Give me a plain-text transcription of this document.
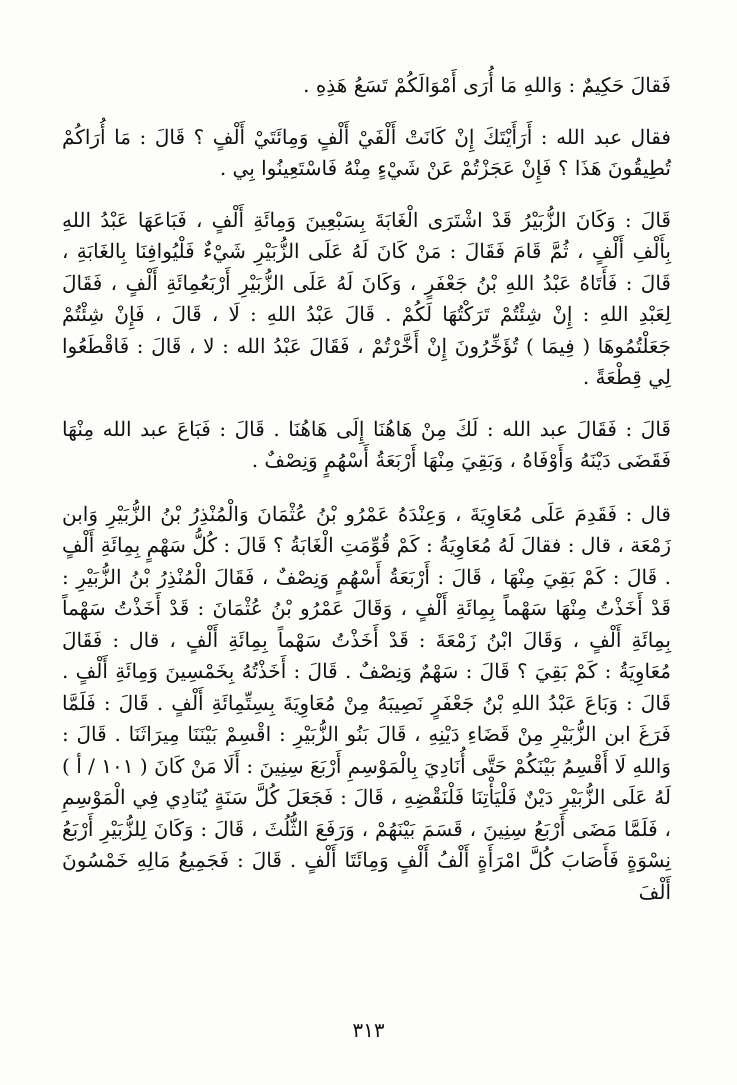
فَقالَ حَكِيمٌ : وَاللهِ مَا أُرَى أَمْوَالَكُمْ تَسَعُ هَذِهِ .

فقال عبد الله : أَرَأَيْتَكَ إِنْ كَانَتْ أَلْفَيْ أَلْفٍ وَمِائَتَيْ أَلْفٍ ؟ قَالَ : مَا أُرَاكُمْ تُطِيقُونَ هَذَا ؟ فَإِنْ عَجَزْتُمْ عَنْ شَيْءٍ مِنْهُ فَاسْتَعِينُوا بِي .

قَالَ : وَكَانَ الزُّبَيْرُ قَدْ اشْتَرَى الْغَابَةَ بِسَبْعِينَ وَمِائَةِ أَلْفٍ ، فَبَاعَهَا عَبْدُ اللهِ بِأَلْفِ أَلْفٍ ، ثُمَّ قَامَ فَقَالَ : مَنْ كَانَ لَهُ عَلَى الزُّبَيْرِ شَيْءٌ فَلْيُوافِنَا بِالغَابَةِ ، قَالَ : فَأَتَاهُ عَبْدُ اللهِ بْنُ جَعْفَرٍ ، وَكَانَ لَهُ عَلَى الزُّبَيْرِ أَرْبَعُمِائَةِ أَلْفٍ ، فَقَالَ لِعَبْدِ اللهِ : إِنْ شِئْتُمْ تَرَكْتُهَا لَكُمْ . قَالَ عَبْدُ اللهِ : لَا ، قَالَ ، فَإِنْ شِئْتُمْ جَعَلْتُمُوهَا ( فِيمَا ) تُؤَخِّرُونَ إِنْ أَخَّرْتُمْ ، فَقَالَ عَبْدُ الله : لا ، قَالَ : فَاقْطَعُوا لِي قِطْعَةً .

قَالَ : فَقَالَ عبد الله : لَكَ مِنْ هَاهُنَا إِلَى هَاهُنَا . قَالَ : فَبَاعَ عبد الله مِنْهَا فَقَضَى دَيْنَهُ وَأَوْفَاهُ ، وَبَقِيَ مِنْهَا أَرْبَعَةُ أَسْهُمٍ وَنِصْفٌ .

قال : فَقَدِمَ عَلَى مُعَاوِيَةَ ، وَعِنْدَهُ عَمْرُو بْنُ عُثْمَانَ وَالْمُنْذِرُ بْنُ الزُّبَيْرِ وَابن زَمْعَة ، قال : فقالَ لَهُ مُعَاوِيَةُ : كَمْ قُوِّمَتِ الْغَابَةُ ؟ قَالَ : كُلُّ سَهْمٍ بِمِائَةِ أَلْفٍ . قَالَ : كَمْ بَقِيَ مِنْهَا ، قَالَ : أَرْبَعَةُ أَسْهُمٍ وَنِصْفٌ ، فَقَالَ الْمُنْذِرُ بْنُ الزُّبَيْرِ : قَدْ أَخَذْتُ مِنْهَا سَهْماً بِمِائَةِ أَلْفٍ ، وَقَالَ عَمْرُو بْنُ عُثْمَانَ : قَدْ أَخَذْتُ سَهْماً بِمِائَةِ أَلْفٍ ، وَقَالَ ابْنُ زَمْعَةَ : قَدْ أَخَذْتُ سَهْماً بِمِائَةِ أَلْفٍ ، قال : فَقَالَ مُعَاوِيَةُ : كَمْ بَقِيَ ؟ قَالَ : سَهْمٌ وَنِصْفٌ . قَالَ : أَخَذْتُهُ بِخَمْسِينَ وَمِائَةِ أَلْفٍ . قَالَ : وَبَاعَ عَبْدُ اللهِ بْنُ جَعْفَرٍ نَصِيبَهُ مِنْ مُعَاوِيَةَ بِسِتِّمِائَةِ أَلْفٍ . قَالَ : فَلَمَّا فَرَغَ ابن الزُّبَيْرِ مِنْ قَضَاءِ دَيْنِهِ ، قَالَ بَنُو الزُّبَيْرِ : اقْسِمْ بَيْنَنَا مِيرَاثَنَا . قَالَ : وَاللهِ لَا أَقْسِمُ بَيْنَكُمْ حَتَّى أُنَادِيَ بِالْمَوْسِمِ أَرْبَعَ سِنِينَ : أَلَا مَنْ كَانَ ( ١٠١ / أ ) لَهُ عَلَى الزُّبَيْرِ دَيْنٌ فَلْيَأْتِنَا فَلْنَقْضِهِ ، قَالَ : فَجَعَلَ كُلَّ سَنَةٍ يُنَادِي فِي الْمَوْسِمِ ، فَلَمَّا مَضَى أَرْبَعُ سِنِينَ ، قَسَمَ بَيْنَهُمْ ، وَرَفَعَ الثُّلُثَ ، قَالَ : وَكَانَ لِلزُّبَيْرِ أَرْبَعُ نِسْوَةٍ فَأَصَابَ كُلَّ امْرَأَةٍ أَلْفُ أَلْفٍ وَمِائَتَا أَلْفٍ . قَالَ : فَجَمِيعُ مَالِهِ خَمْسُونَ أَلْفَ

٣١٣
